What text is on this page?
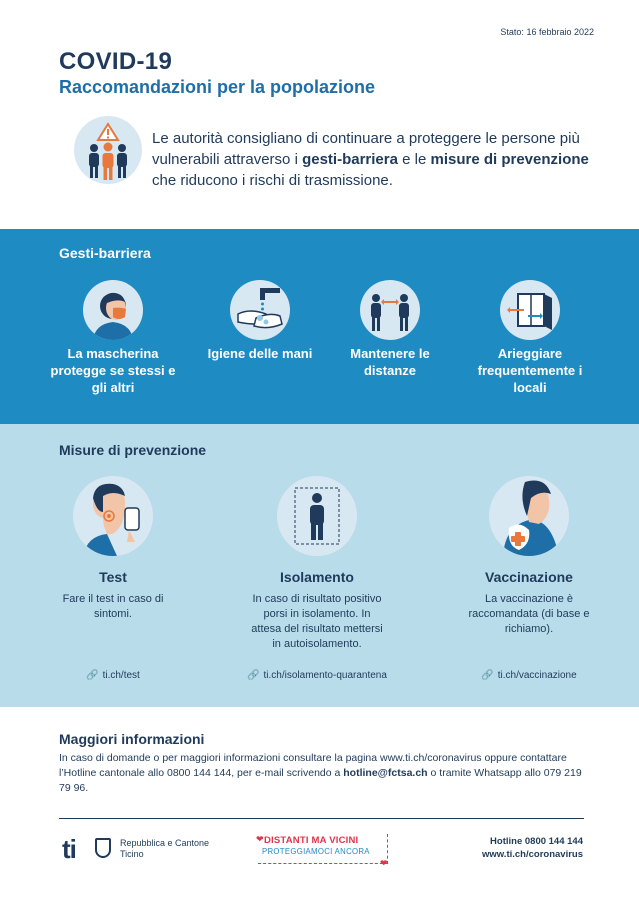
Stato: 16 febbraio 2022
COVID-19
Raccomandazioni per la popolazione
Le autorità consigliano di continuare a proteggere le persone più vulnerabili attraverso i gesti-barriera e le misure di prevenzione che riducono i rischi di trasmissione.
Gesti-barriera
La mascherina protegge se stessi e gli altri
Igiene delle mani	Mantenere le distanze
Arieggiare frequentemente i locali
Misure di prevenzione
Test
Fare il test in caso di sintomi.
🔗 ti.ch/test
Isolamento
In caso di risultato positivo porsi in isolamento. In attesa del risultato mettersi in autoisolamento.
🔗 ti.ch/isolamento-quarantena
Vaccinazione
La vaccinazione è raccomandata (di base e richiamo).
🔗 ti.ch/vaccinazione
Maggiori informazioni
In caso di domande o per maggiori informazioni consultare la pagina www.ti.ch/coronavirus oppure contattare l’Hotline cantonale allo 0800 144 144, per e-mail scrivendo a hotline@fctsa.ch o tramite Whatsapp allo 079 219 79 96.
ti	Repubblica e Cantone
Ticino
❤ DISTANTI MA VICINI
PROTEGGIAMOCI ANCORA
❤
Hotline 0800 144 144
www.ti.ch/coronavirus
